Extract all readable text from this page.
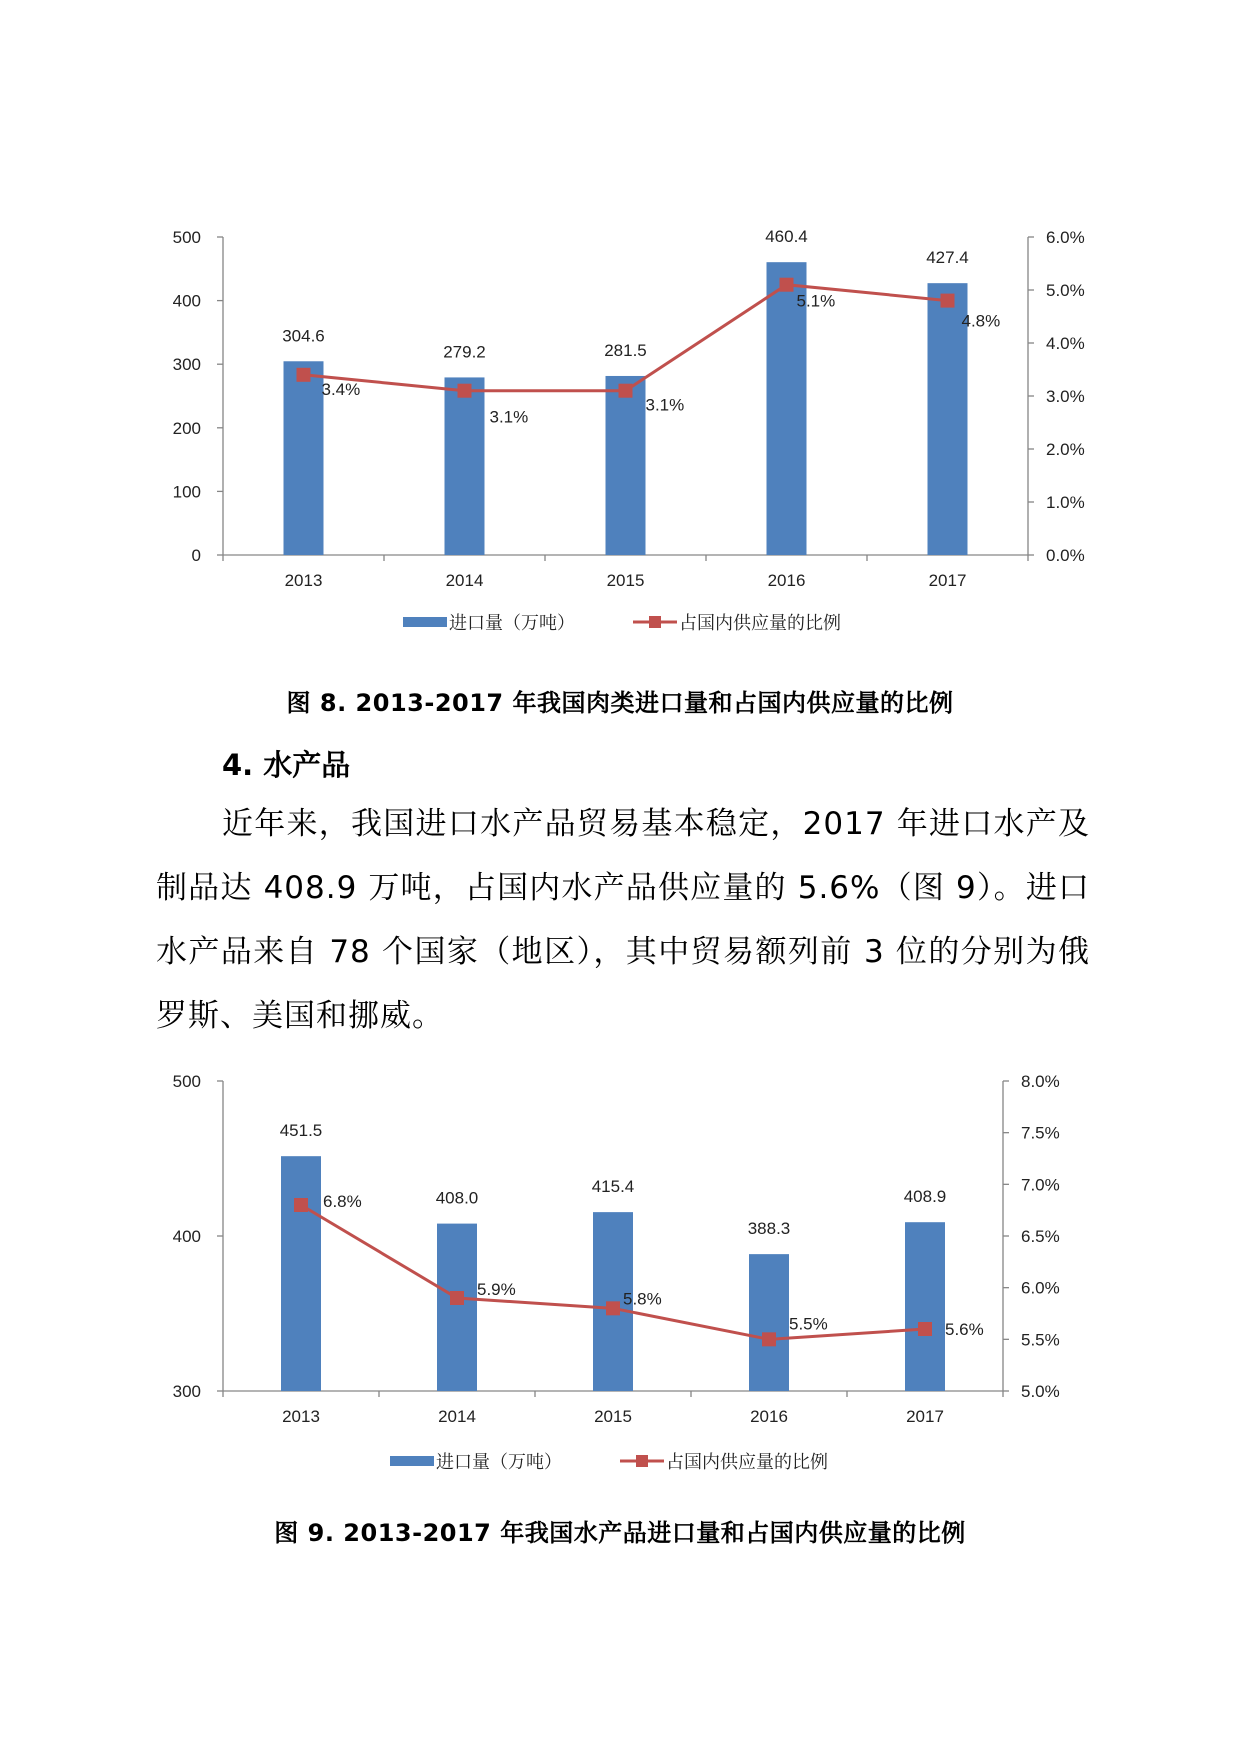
0
100
200
300
400
500
0.0%
1.0%
2.0%
3.0%
4.0%
5.0%
6.0%
2013	2014	2015	2016	2017
304.6
279.2	281.5
460.4
427.4
3.4%
3.1%
3.1%
5.1%
4.8%
进口量（万吨）	占国内供应量的比例
图 8. 2013-2017 年我国肉类进口量和占国内供应量的比例
4. 水产品
近年来，我国进口水产品贸易基本稳定，2017 年进口水产及制品达 408.9 万吨，占国内水产品供应量的 5.6%（图 9）。进口水产品来自 78 个国家（地区），其中贸易额列前 3 位的分别为俄罗斯、美国和挪威。
300
400
500
5.0%
5.5%
6.0%
6.5%
7.0%
7.5%
8.0%
2013	2014	2015	2016	2017
451.5
408.0
415.4
388.3
408.9
6.8%
5.9%	5.8%
5.5%	5.6%
进口量（万吨）	占国内供应量的比例
图 9. 2013-2017 年我国水产品进口量和占国内供应量的比例
